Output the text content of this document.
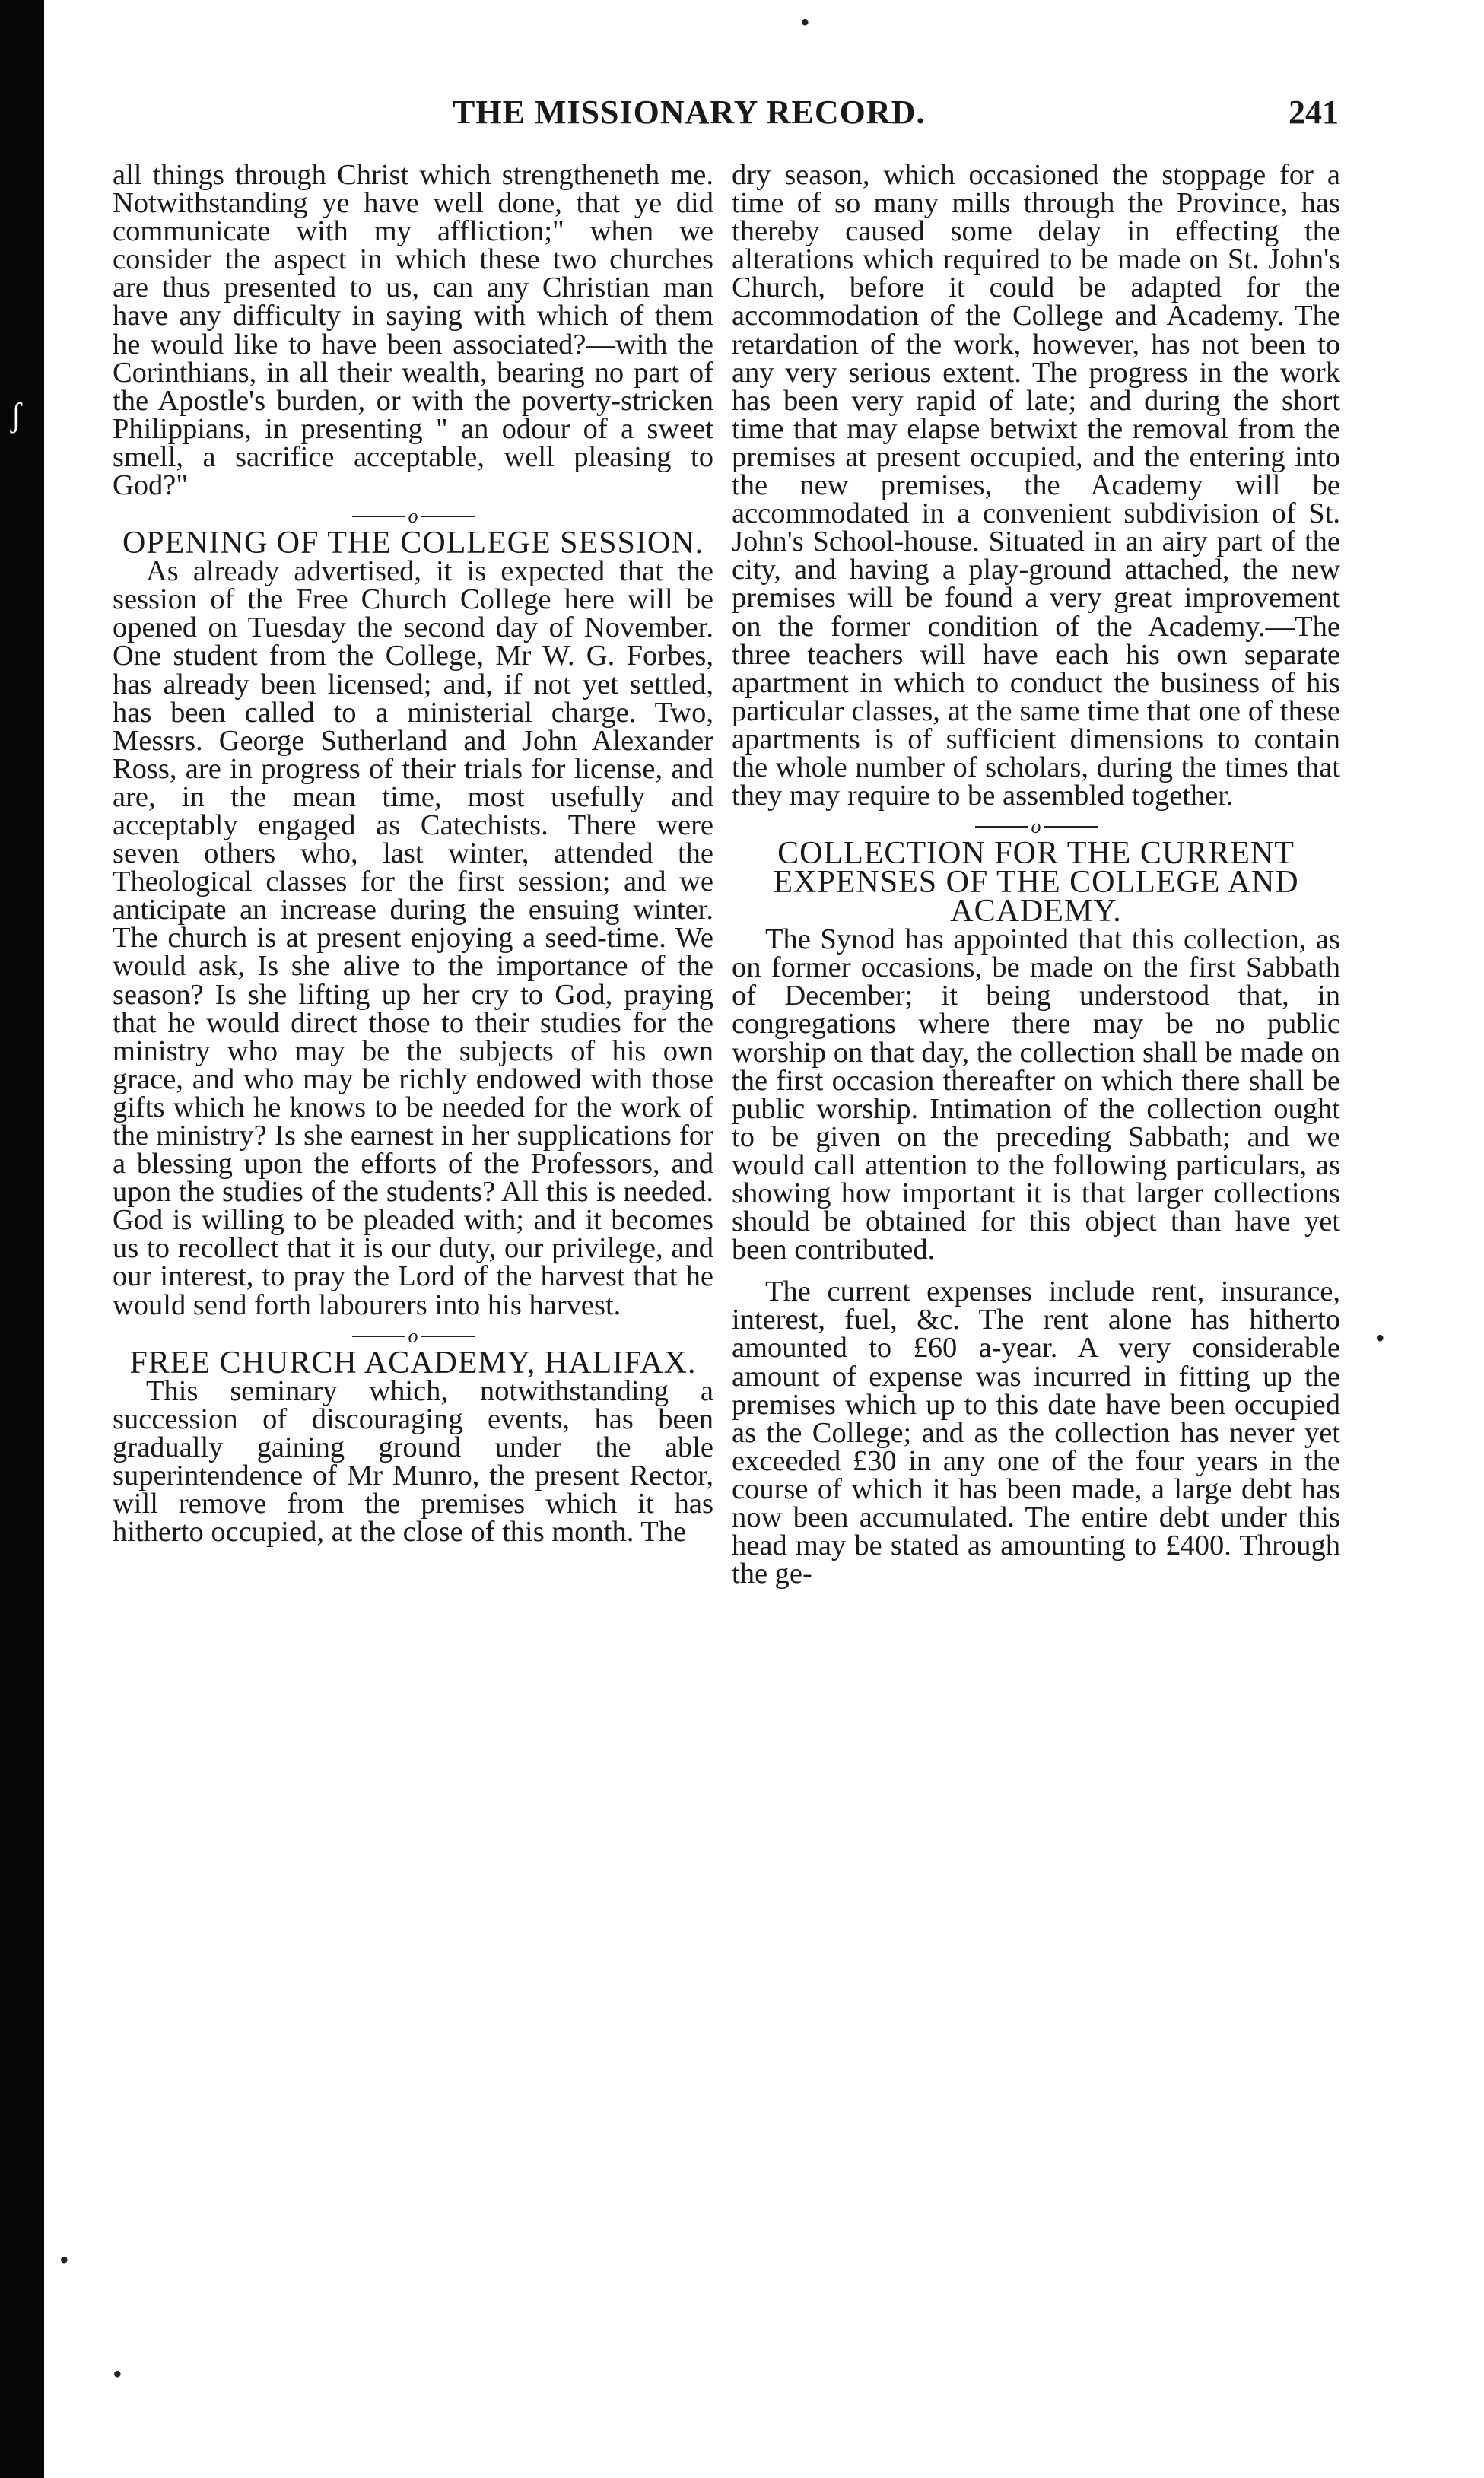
•
ʃ
•
•
•
THE MISSIONARY RECORD.	241

all things through Christ which strengthеneth me. Notwithstanding ye have well done, that ye did communicate with my affliction;" when we consider the aspect in which these two churches are thus presented to us, can any Christian man have any difficulty in saying with which of them he would like to have been associated?—with the Corinthians, in all their wealth, bearing no part of the Apostle's burden, or with the poverty-stricken Philippians, in presenting " an odour of a sweet smell, a sacrifice acceptable, well pleasing to God?"

o
OPENING OF THE COLLEGE SESSION.

As already advertised, it is expected that the session of the Free Church College here will be opened on Tuesday the second day of November. One student from the College, Mr W. G. Forbes, has already been licensed; and, if not yet settled, has been called to a ministerial charge. Two, Messrs. George Sutherland and John Alexander Ross, are in progress of their trials for license, and are, in the mean time, most usefully and acceptably engaged as Catechists. There were seven others who, last winter, attended the Theological classes for the first session; and we anticipate an increase during the ensuing winter. The church is at present enjoying a seed-time. We would ask, Is she alive to the importance of the season? Is she lifting up her cry to God, praying that he would direct those to their studies for the ministry who may be the subjects of his own grace, and who may be richly endowed with those gifts which he knows to be needed for the work of the ministry? Is she earnest in her supplications for a blessing upon the efforts of the Professors, and upon the studies of the students? All this is needed. God is willing to be pleaded with; and it becomes us to recollect that it is our duty, our privilege, and our interest, to pray the Lord of the harvest that he would send forth labourers into his harvest.

o
FREE CHURCH ACADEMY, HALIFAX.

This seminary which, notwithstanding a succession of discouraging events, has been gradually gaining ground under the able superintendence of Mr Munro, the present Rector, will remove from the premises which it has hitherto occupied, at the close of this month. The

dry season, which occasioned the stoppage for a time of so many mills through the Province, has thereby caused some delay in effecting the alterations which required to be made on St. John's Church, before it could be adapted for the accommodation of the College and Academy. The retardation of the work, however, has not been to any very serious extent. The progress in the work has been very rapid of late; and during the short time that may elapse betwixt the removal from the premises at present occupied, and the entering into the new premises, the Academy will be accommodated in a convenient subdivision of St. John's School-house. Situated in an airy part of the city, and having a play-ground attached, the new premises will be found a very great improvement on the former condition of the Academy.—The three teachers will have each his own separate apartment in which to conduct the business of his particular classes, at the same time that one of these apartments is of sufficient dimensions to contain the whole number of scholars, during the times that they may require to be assembled together.

o
COLLECTION FOR THE CURRENT EXPENSES OF THE COLLEGE AND ACADEMY.

The Synod has appointed that this collection, as on former occasions, be made on the first Sabbath of December; it being understood that, in congregations where there may be no public worship on that day, the collection shall be made on the first occasion thereafter on which there shall be public worship. Intimation of the collection ought to be given on the preceding Sabbath; and we would call attention to the following particulars, as showing how important it is that larger collections should be obtained for this object than have yet been contributed.

The current expenses include rent, insurance, interest, fuel, &c. The rent alone has hitherto amounted to £60 a-year. A very considerable amount of expense was incurred in fitting up the premises which up to this date have been occupied as the College; and as the collection has never yet exceeded £30 in any one of the four years in the course of which it has been made, a large debt has now been accumulated. The entire debt under this head may be stated as amounting to £400. Through the ge-
